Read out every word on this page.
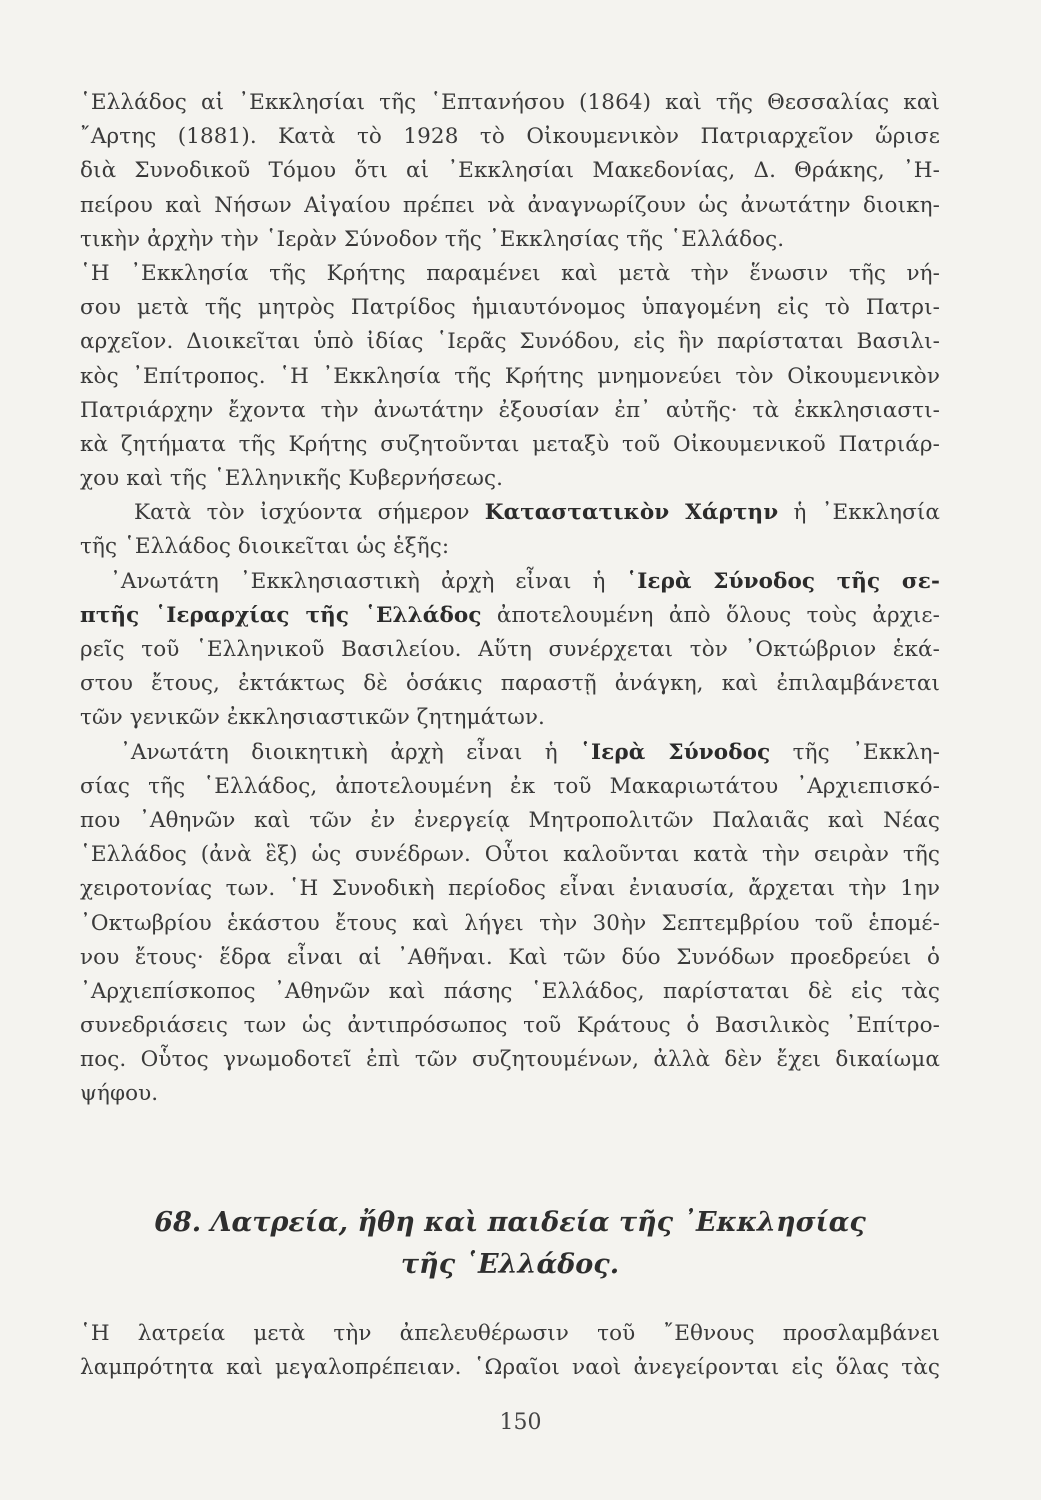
῾Ελλάδος αἱ ᾿Εκκλησίαι τῆς ῾Επτανήσου (1864) καὶ τῆς Θεσσαλίας καὶ
῎Αρτης (1881). Κατὰ τὸ 1928 τὸ Οἰκουμενικὸν Πατριαρχεῖον ὥρισε
διὰ Συνοδικοῦ Τόμου ὅτι αἱ ᾿Εκκλησίαι Μακεδονίας, Δ. Θράκης, ᾿Η-
πείρου καὶ Νήσων Αἰγαίου πρέπει νὰ ἀναγνωρίζουν ὡς ἀνωτάτην διοικη-
τικὴν ἀρχὴν τὴν ῾Ιερὰν Σύνοδον τῆς ᾿Εκκλησίας τῆς ῾Ελλάδος.
῾Η ᾿Εκκλησία τῆς Κρήτης παραμένει καὶ μετὰ τὴν ἕνωσιν τῆς νή-
σου μετὰ τῆς μητρὸς Πατρίδος ἡμιαυτόνομος ὑπαγομένη εἰς τὸ Πατρι-
αρχεῖον. Διοικεῖται ὑπὸ ἰδίας ῾Ιερᾶς Συνόδου, εἰς ἣν παρίσταται Βασιλι-
κὸς ᾿Επίτροπος. ῾Η ᾿Εκκλησία τῆς Κρήτης μνημονεύει τὸν Οἰκουμενικὸν
Πατριάρχην ἔχοντα τὴν ἀνωτάτην ἐξουσίαν ἐπ᾿ αὐτῆς· τὰ ἐκκλησιαστι-
κὰ ζητήματα τῆς Κρήτης συζητοῦνται μεταξὺ τοῦ Οἰκουμενικοῦ Πατριάρ-
χου καὶ τῆς ῾Ελληνικῆς Κυβερνήσεως.
Κατὰ τὸν ἰσχύοντα σήμερον Καταστατικὸν Χάρτην ἡ ᾿Εκκλησία
τῆς ῾Ελλάδος διοικεῖται ὡς ἑξῆς:
᾿Ανωτάτη ᾿Εκκλησιαστικὴ ἀρχὴ εἶναι ἡ ῾Ιερὰ Σύνοδος τῆς σε-
πτῆς ῾Ιεραρχίας τῆς ῾Ελλάδος ἀποτελουμένη ἀπὸ ὅλους τοὺς ἀρχιε-
ρεῖς τοῦ ῾Ελληνικοῦ Βασιλείου. Αὕτη συνέρχεται τὸν ᾿Οκτώβριον ἑκά-
στου ἔτους, ἐκτάκτως δὲ ὁσάκις παραστῇ ἀνάγκη, καὶ ἐπιλαμβάνεται
τῶν γενικῶν ἐκκλησιαστικῶν ζητημάτων.
᾿Ανωτάτη διοικητικὴ ἀρχὴ εἶναι ἡ ῾Ιερὰ Σύνοδος τῆς ᾿Εκκλη-
σίας τῆς ῾Ελλάδος, ἀποτελουμένη ἐκ τοῦ Μακαριωτάτου ᾿Αρχιεπισκό-
που ᾿Αθηνῶν καὶ τῶν ἐν ἐνεργείᾳ Μητροπολιτῶν Παλαιᾶς καὶ Νέας
῾Ελλάδος (ἀνὰ ἓξ) ὡς συνέδρων. Οὗτοι καλοῦνται κατὰ τὴν σειρὰν τῆς
χειροτονίας των. ῾Η Συνοδικὴ περίοδος εἶναι ἐνιαυσία, ἄρχεται τὴν 1ην
᾿Οκτωβρίου ἑκάστου ἔτους καὶ λήγει τὴν 30ὴν Σεπτεμβρίου τοῦ ἑπομέ-
νου ἔτους· ἕδρα εἶναι αἱ ᾿Αθῆναι. Καὶ τῶν δύο Συνόδων προεδρεύει ὁ
᾿Αρχιεπίσκοπος ᾿Αθηνῶν καὶ πάσης ῾Ελλάδος, παρίσταται δὲ εἰς τὰς
συνεδριάσεις των ὡς ἀντιπρόσωπος τοῦ Κράτους ὁ Βασιλικὸς ᾿Επίτρο-
πος. Οὗτος γνωμοδοτεῖ ἐπὶ τῶν συζητουμένων, ἀλλὰ δὲν ἔχει δικαίωμα
ψήφου.
68. Λατρεία, ἤθη καὶ παιδεία τῆς ᾿Εκκλησίας
τῆς ῾Ελλάδος.
῾Η λατρεία μετὰ τὴν ἀπελευθέρωσιν τοῦ ῎Εθνους προσλαμβάνει
λαμπρότητα καὶ μεγαλοπρέπειαν. ῾Ωραῖοι ναοὶ ἀνεγείρονται εἰς ὅλας τὰς
150
